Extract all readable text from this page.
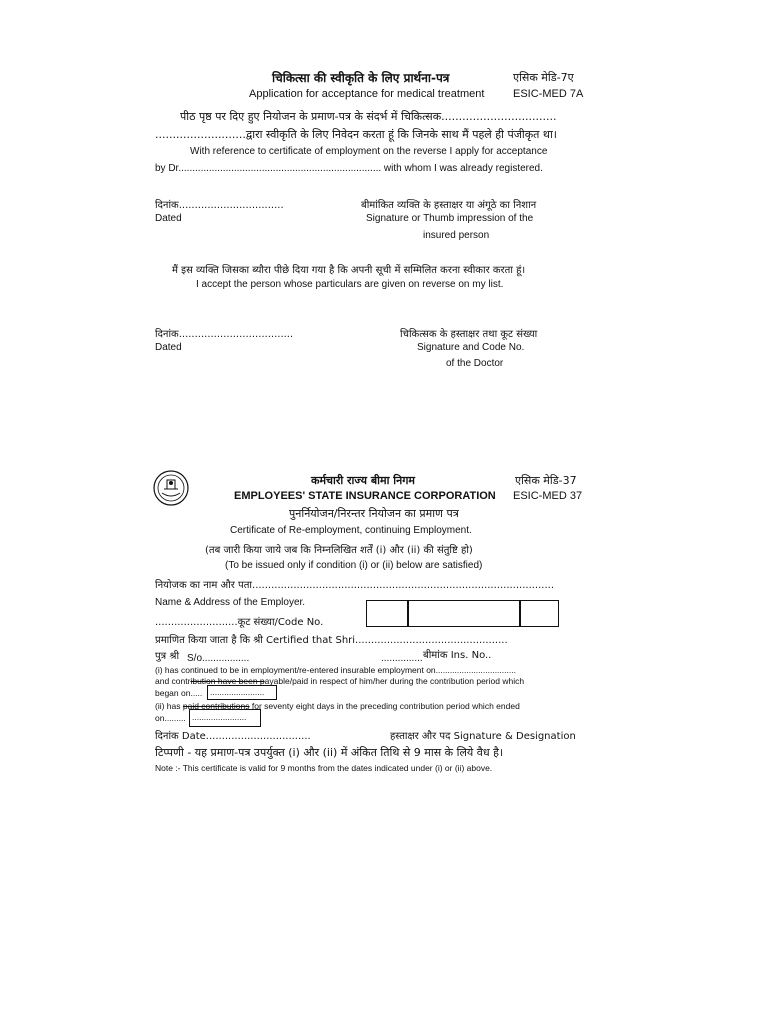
चिकित्सा की स्वीकृति के लिए प्रार्थना-पत्र	एसिक मेडि-7ए
Application for acceptance for medical treatment	ESIC-MED 7A
पीठ पृष्ठ पर दिए हुए नियोजन के प्रमाण-पत्र के संदर्भ में चिकित्सक.................................
..........................द्वारा स्वीकृति के लिए निवेदन करता हूं कि जिनके साथ मैं पहले ही पंजीकृत था।
With reference to certificate of employment on the reverse I apply for acceptance
by Dr......................................................................... with whom I was already registered.
दिनांक.................................
Dated
बीमांकित व्यक्ति के हस्ताक्षर या अंगूठे का निशान
Signature or Thumb impression of the
insured person
मैं इस व्यक्ति जिसका ब्यौरा पीछे दिया गया है कि अपनी सूची में सम्मिलित करना स्वीकार करता हूं।
I accept the person whose particulars are given on reverse on my list.
दिनांक....................................
Dated
चिकित्सक के हस्ताक्षर तथा कूट संख्या
Signature and Code No.
of the Doctor
कर्मचारी राज्य बीमा निगम	एसिक मेडि-37
EMPLOYEES' STATE INSURANCE CORPORATION ESIC-MED 37
पुनर्नियोजन/निरन्तर नियोजन का प्रमाण पत्र
Certificate of Re-employment, continuing Employment.
(तब जारी किया जाये जब कि निम्नलिखित शर्तें (i) और (ii) की संतुष्टि हो)
(To be issued only if condition (i) or (ii) below are satisfied)
नियोजक का नाम और पता...............................................................................................
Name & Address of the Employer.
..........................कूट संख्या/Code No.
प्रमाणित किया जाता है कि श्री Certified that Shri................................................
पुत्र श्री S/o.................	............... बीमांक Ins. No..
(i) has continued to be in employment/re-entered insurable employment on..................................
and contribution have been payable/paid in respect of him/her during the contribution period which
began on..... .......................
(ii) has paid contributions for seventy eight days in the preceding contribution period which ended
on......... .......................
दिनांक Date.................................	हस्ताक्षर और पद Signature & Designation
टिप्पणी - यह प्रमाण-पत्र उपर्युक्त (i) और (ii) में अंकित तिथि से 9 मास के लिये वैध है।
Note :- This certificate is valid for 9 months from the dates indicated under (i) or (ii) above.
